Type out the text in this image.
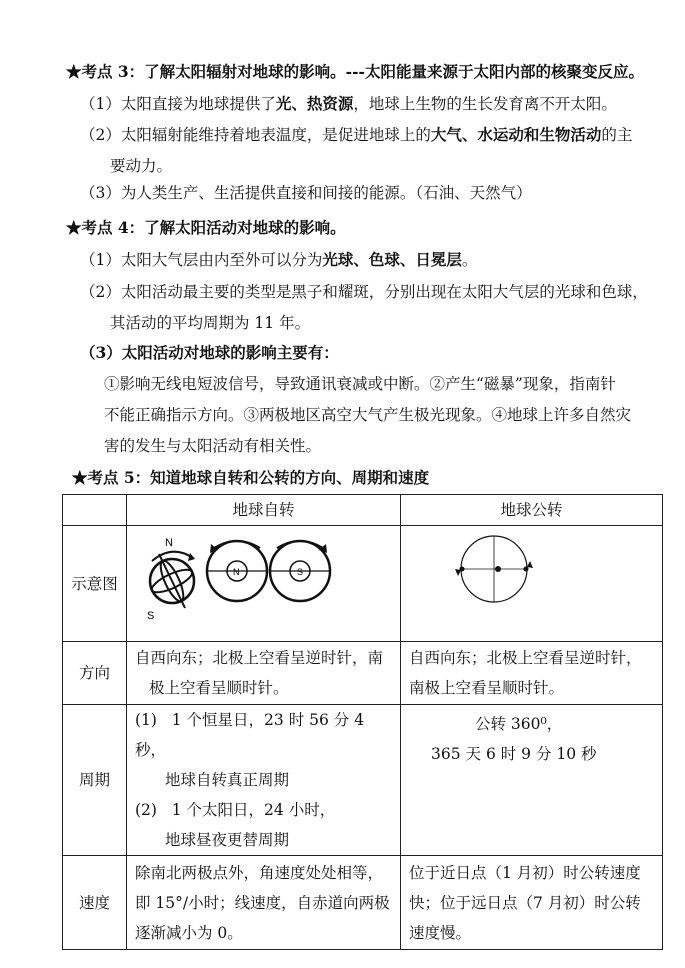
★考点 3：了解太阳辐射对地球的影响。---太阳能量来源于太阳内部的核聚变反应。
（1）太阳直接为地球提供了光、热资源，地球上生物的生长发育离不开太阳。
（2）太阳辐射能维持着地表温度，是促进地球上的大气、水运动和生物活动的主
要动力。
（3）为人类生产、生活提供直接和间接的能源。（石油、天然气）
★考点 4：了解太阳活动对地球的影响。
（1）太阳大气层由内至外可以分为光球、色球、日冕层。
（2）太阳活动最主要的类型是黑子和耀斑，分别出现在太阳大气层的光球和色球，
其活动的平均周期为 11 年。
（3）太阳活动对地球的影响主要有：
①影响无线电短波信号，导致通讯衰减或中断。②产生“磁暴”现象，指南针
不能正确指示方向。③两极地区高空大气产生极光现象。④地球上许多自然灾
害的发生与太阳活动有相关性。
★考点 5：知道地球自转和公转的方向、周期和速度
	地球自转	地球公转
示意图	N
S
N S

方向	自西向东；北极上空看呈逆时针，南
极上空看呈顺时针。	自西向东；北极上空看呈逆时针，
南极上空看呈顺时针。

周期	(1) 1 个恒星日，23 时 56 分 4 秒，
地球自转真正周期
(2) 1 个太阳日，24 小时，
地球昼夜更替周期	公转 360⁰，
365 天 6 时 9 分 10 秒

速度	除南北两极点外，角速度处处相等，
即 15°/小时；线速度，自赤道向两极
逐渐减小为 0。	位于近日点（1 月初）时公转速度
快；位于远日点（7 月初）时公转
速度慢。
